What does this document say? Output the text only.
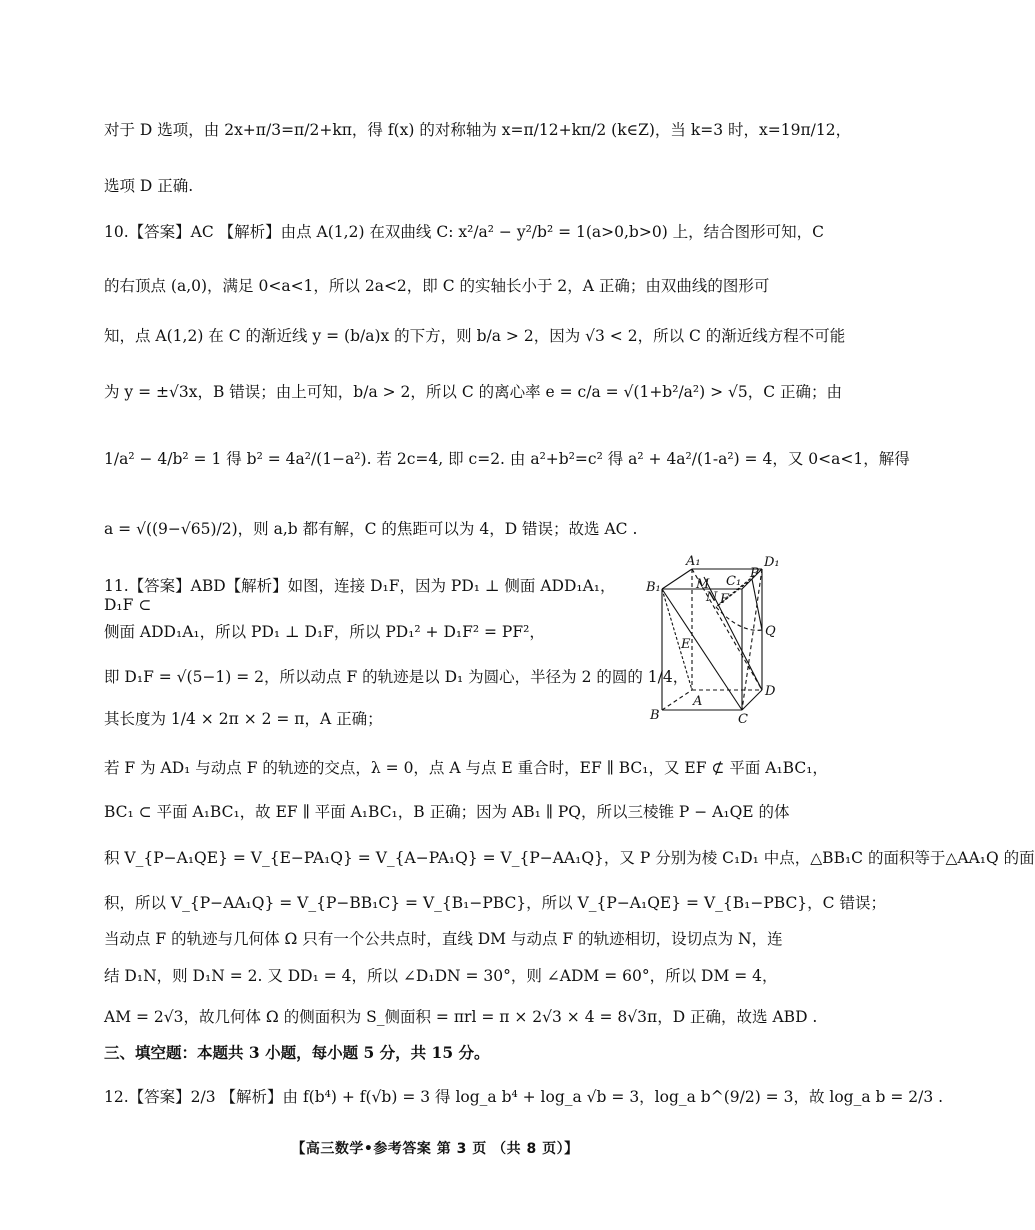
对于 D 选项，由 2x+π/3=π/2+kπ，得 f(x) 的对称轴为 x=π/12+kπ/2 (k∈Z)，当 k=3 时，x=19π/12，
选项 D 正确.
10.【答案】AC 【解析】由点 A(1,2) 在双曲线 C: x²/a² − y²/b² = 1(a>0,b>0) 上，结合图形可知，C
的右顶点 (a,0)，满足 0<a<1，所以 2a<2，即 C 的实轴长小于 2，A 正确；由双曲线的图形可
知，点 A(1,2) 在 C 的渐近线 y = (b/a)x 的下方，则 b/a > 2，因为 √3 < 2，所以 C 的渐近线方程不可能
为 y = ±√3x，B 错误；由上可知，b/a > 2，所以 C 的离心率 e = c/a = √(1+b²/a²) > √5，C 正确；由
1/a² − 4/b² = 1 得 b² = 4a²/(1−a²). 若 2c=4, 即 c=2. 由 a²+b²=c² 得 a² + 4a²/(1-a²) = 4，又 0<a<1，解得
a = √((9−√65)/2)，则 a,b 都有解，C 的焦距可以为 4，D 错误；故选 AC .
11.【答案】ABD【解析】如图，连接 D₁F，因为 PD₁ ⊥ 侧面 ADD₁A₁，D₁F ⊂
侧面 ADD₁A₁，所以 PD₁ ⊥ D₁F，所以 PD₁² + D₁F² = PF²，
即 D₁F = √(5−1) = 2，所以动点 F 的轨迹是以 D₁ 为圆心，半径为 2 的圆的 1/4，
其长度为 1/4 × 2π × 2 = π，A 正确；
若 F 为 AD₁ 与动点 F 的轨迹的交点，λ = 0，点 A 与点 E 重合时，EF ∥ BC₁，又 EF ⊄ 平面 A₁BC₁，
BC₁ ⊂ 平面 A₁BC₁，故 EF ∥ 平面 A₁BC₁，B 正确；因为 AB₁ ∥ PQ，所以三棱锥 P − A₁QE 的体
积 V_{P−A₁QE} = V_{E−PA₁Q} = V_{A−PA₁Q} = V_{P−AA₁Q}，又 P 分别为棱 C₁D₁ 中点，△BB₁C 的面积等于△AA₁Q 的面
积，所以 V_{P−AA₁Q} = V_{P−BB₁C} = V_{B₁−PBC}，所以 V_{P−A₁QE} = V_{B₁−PBC}，C 错误；
当动点 F 的轨迹与几何体 Ω 只有一个公共点时，直线 DM 与动点 F 的轨迹相切，设切点为 N，连
结 D₁N，则 D₁N = 2. 又 DD₁ = 4，所以 ∠D₁DN = 30°，则 ∠ADM = 60°，所以 DM = 4，
AM = 2√3，故几何体 Ω 的侧面积为 S_侧面积 = πrl = π × 2√3 × 4 = 8√3π，D 正确，故选 ABD .
三、填空题：本题共 3 小题，每小题 5 分，共 15 分。
12.【答案】2/3 【解析】由 f(b⁴) + f(√b) = 3 得 log_a b⁴ + log_a √b = 3，log_a b^(9/2) = 3，故 log_a b = 2/3 .
【高三数学•参考答案 第 3 页 （共 8 页）】
A₁	D₁
B₁	M C₁
P
N F
Q
E
A
D
B	C
